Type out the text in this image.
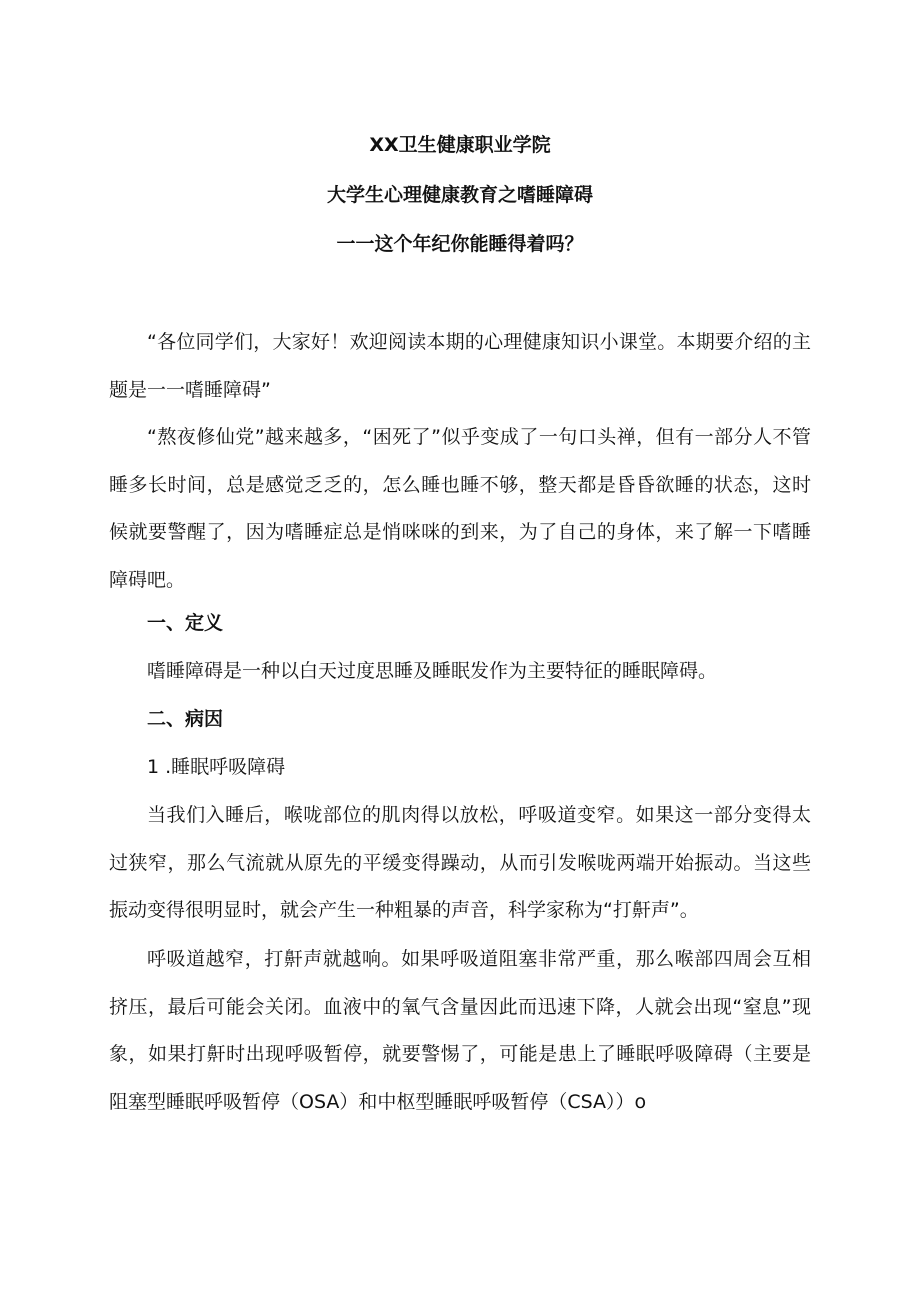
XX卫生健康职业学院
大学生心理健康教育之嗜睡障碍
一一这个年纪你能睡得着吗？

“各位同学们，大家好！欢迎阅读本期的心理健康知识小课堂。本期要介绍的主题是一一嗜睡障碍”

“熬夜修仙党”越来越多，“困死了”似乎变成了一句口头禅，但有一部分人不管睡多长时间，总是感觉乏乏的，怎么睡也睡不够，整天都是昏昏欲睡的状态，这时候就要警醒了，因为嗜睡症总是悄咪咪的到来，为了自己的身体，来了解一下嗜睡障碍吧。

一、定义

嗜睡障碍是一种以白天过度思睡及睡眠发作为主要特征的睡眠障碍。

二、病因

1 .睡眠呼吸障碍

当我们入睡后，喉咙部位的肌肉得以放松，呼吸道变窄。如果这一部分变得太过狭窄，那么气流就从原先的平缓变得躁动，从而引发喉咙两端开始振动。当这些振动变得很明显时，就会产生一种粗暴的声音，科学家称为“打鼾声”。

呼吸道越窄，打鼾声就越响。如果呼吸道阻塞非常严重，那么喉部四周会互相挤压，最后可能会关闭。血液中的氧气含量因此而迅速下降，人就会出现“窒息”现象，如果打鼾时出现呼吸暂停，就要警惕了，可能是患上了睡眠呼吸障碍（主要是阻塞型睡眠呼吸暂停（OSA）和中枢型睡眠呼吸暂停（CSA））o
